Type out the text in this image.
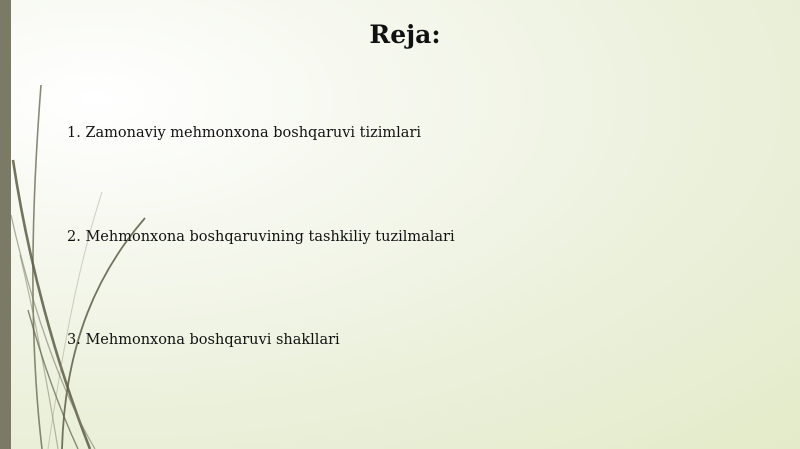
Reja:
1. Zamonaviy mehmonxona boshqaruvi tizimlari
2. Mehmonxona boshqaruvining tashkiliy tuzilmalari
3. Mehmonxona boshqaruvi shakllari
